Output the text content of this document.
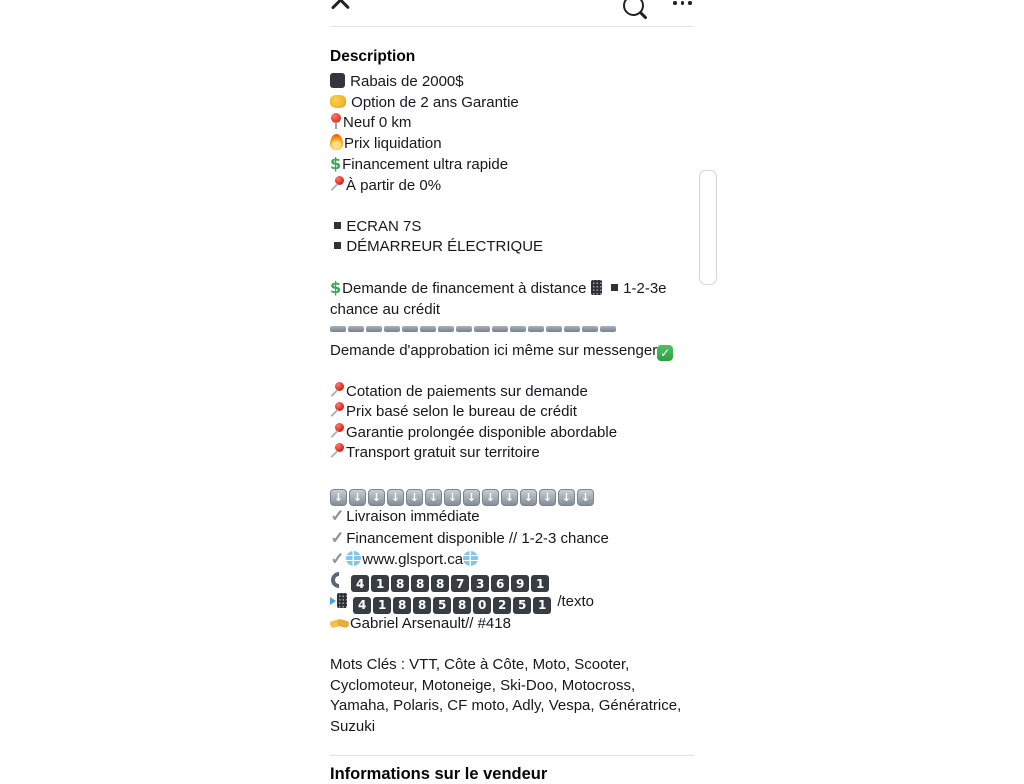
Description
Rabais de 2000$
Option de 2 ans Garantie
Neuf 0 km
Prix liquidation
$Financement ultra rapide
À partir de 0%
ECRAN 7S
DÉMARREUR ÉLECTRIQUE
$Demande de financement à distance    1-2-3e
chance au crédit
Demande d'approbation ici même sur messenger✓
Cotation de paiements sur demande
Prix basé selon le bureau de crédit
Garantie prolongée disponible abordable
Transport gratuit sur territoire
↓↓↓↓↓↓↓↓↓↓↓↓↓↓
✓Livraison immédiate
✓Financement disponible // 1-2-3 chance
✓www.glsport.ca
4 1 8 8 8 7 3 6 9 1
4 1 8 8 5 8 0 2 5 1 /texto
Gabriel Arsenault// #418
Mots Clés : VTT, Côte à Côte, Moto, Scooter,
Cyclomoteur, Motoneige, Ski-Doo, Motocross,
Yamaha, Polaris, CF moto, Adly, Vespa, Génératrice,
Suzuki
Informations sur le vendeur
